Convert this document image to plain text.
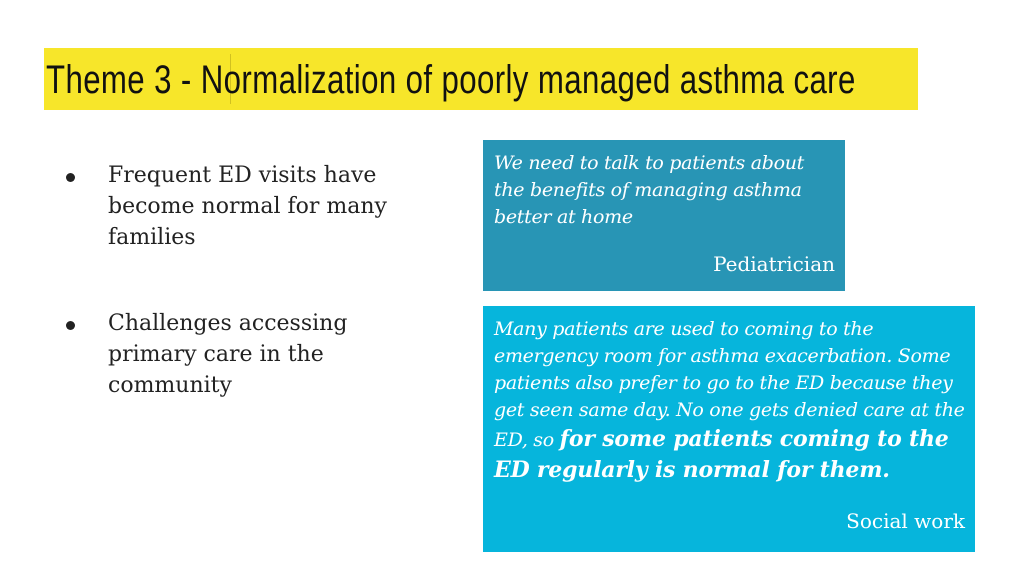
Theme 3 - Normalization of poorly managed asthma care
Frequent ED visits have become normal for many families
Challenges accessing primary care in the community
We need to talk to patients about the benefits of managing asthma better at home
Pediatrician
Many patients are used to coming to the emergency room for asthma exacerbation. Some patients also prefer to go to the ED because they get seen same day. No one gets denied care at the ED, so for some patients coming to the ED regularly is normal for them.
Social work
